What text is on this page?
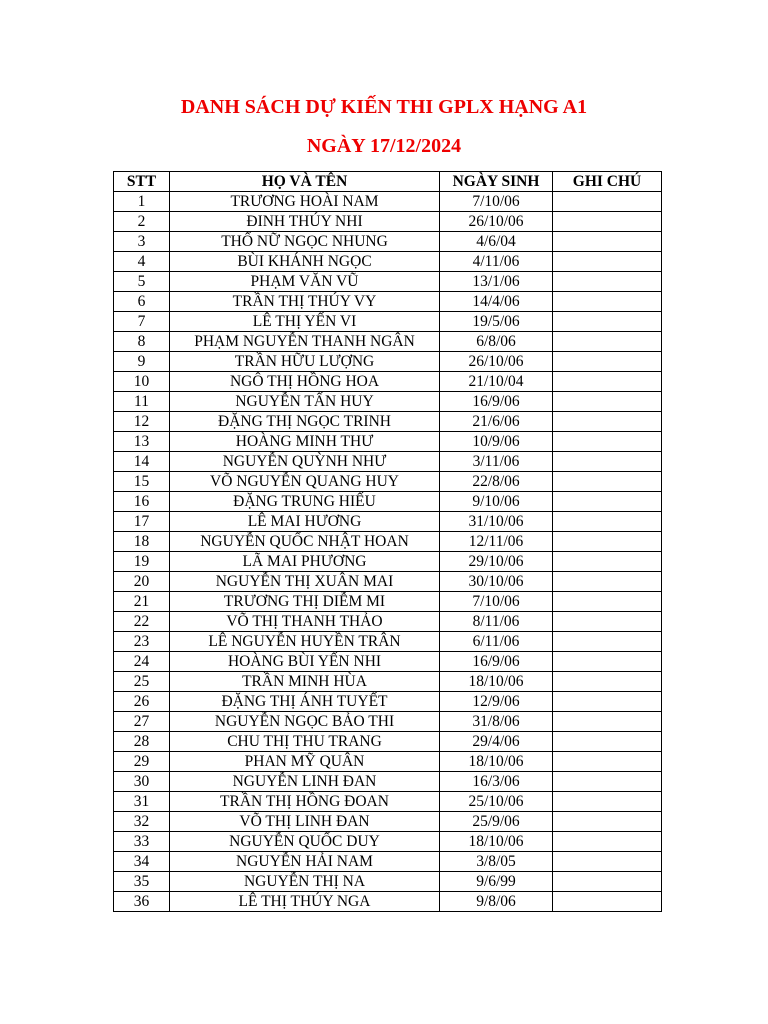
DANH SÁCH DỰ KIẾN THI GPLX HẠNG A1
NGÀY 17/12/2024
STT	HỌ VÀ TÊN	NGÀY SINH	GHI CHÚ
1	TRƯƠNG HOÀI NAM	7/10/06	
2	ĐINH THÚY NHI	26/10/06	
3	THỔ NỮ NGỌC NHUNG	4/6/04	
4	BÙI KHÁNH NGỌC	4/11/06	
5	PHẠM VĂN VŨ	13/1/06	
6	TRẦN THỊ THÚY VY	14/4/06	
7	LÊ THỊ YẾN VI	19/5/06	
8	PHẠM NGUYỄN THANH NGÂN	6/8/06	
9	TRẦN HỮU LƯỢNG	26/10/06	
10	NGÔ THỊ HỒNG HOA	21/10/04	
11	NGUYỄN TẤN HUY	16/9/06	
12	ĐẶNG THỊ NGỌC TRINH	21/6/06	
13	HOÀNG MINH THƯ	10/9/06	
14	NGUYỄN QUỲNH NHƯ	3/11/06	
15	VÕ NGUYỄN QUANG HUY	22/8/06	
16	ĐẶNG TRUNG HIẾU	9/10/06	
17	LÊ MAI HƯƠNG	31/10/06	
18	NGUYỄN QUỐC NHẬT HOAN	12/11/06	
19	LÃ MAI PHƯƠNG	29/10/06	
20	NGUYỄN THỊ XUÂN MAI	30/10/06	
21	TRƯƠNG THỊ DIỄM MI	7/10/06	
22	VÕ THỊ THANH THẢO	8/11/06	
23	LÊ NGUYỄN HUYỀN TRÂN	6/11/06	
24	HOÀNG BÙI YẾN NHI	16/9/06	
25	TRẦN MINH HÙA	18/10/06	
26	ĐẶNG THỊ ÁNH TUYẾT	12/9/06	
27	NGUYỄN NGỌC BẢO THI	31/8/06	
28	CHU THỊ THU TRANG	29/4/06	
29	PHAN MỸ QUÂN	18/10/06	
30	NGUYỄN LINH ĐAN	16/3/06	
31	TRẦN THỊ HỒNG ĐOAN	25/10/06	
32	VÕ THỊ LINH ĐAN	25/9/06	
33	NGUYỄN QUỐC DUY	18/10/06	
34	NGUYỄN HẢI NAM	3/8/05	
35	NGUYỄN THỊ NA	9/6/99	
36	LÊ THỊ THÚY NGA	9/8/06	
